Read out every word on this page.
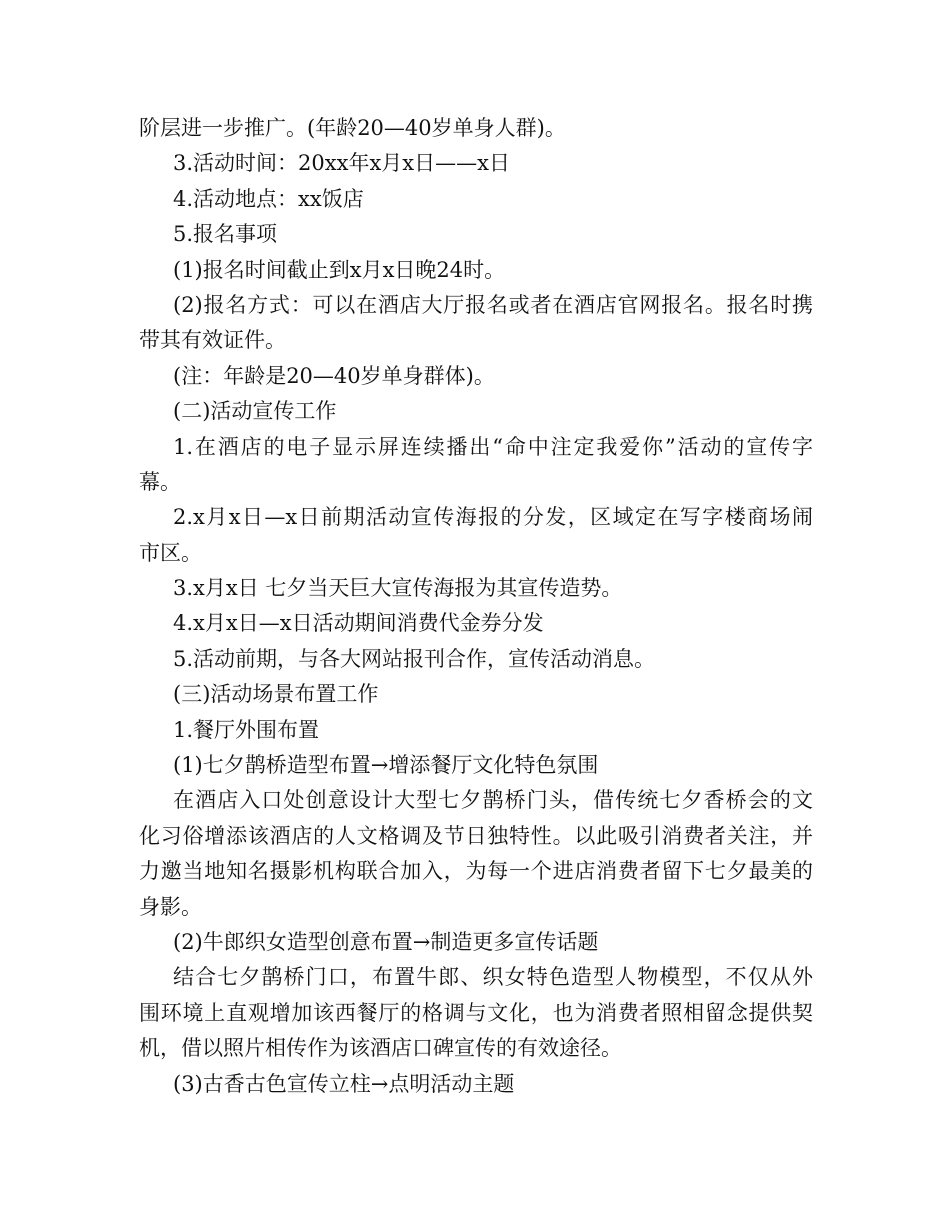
阶层进一步推广。(年龄20—40岁单身人群)。
3.活动时间：20xx年x月x日——x日
4.活动地点：xx饭店
5.报名事项
(1)报名时间截止到x月x日晚24时。
(2)报名方式：可以在酒店大厅报名或者在酒店官网报名。报名时携
带其有效证件。
(注：年龄是20—40岁单身群体)。
(二)活动宣传工作
1.在酒店的电子显示屏连续播出“命中注定我爱你”活动的宣传字
幕。
2.x月x日—x日前期活动宣传海报的分发，区域定在写字楼商场闹
市区。
3.x月x日 七夕当天巨大宣传海报为其宣传造势。
4.x月x日—x日活动期间消费代金券分发
5.活动前期，与各大网站报刊合作，宣传活动消息。
(三)活动场景布置工作
1.餐厅外围布置
(1)七夕鹊桥造型布置→增添餐厅文化特色氛围
在酒店入口处创意设计大型七夕鹊桥门头，借传统七夕香桥会的文
化习俗增添该酒店的人文格调及节日独特性。以此吸引消费者关注，并
力邀当地知名摄影机构联合加入，为每一个进店消费者留下七夕最美的
身影。
(2)牛郎织女造型创意布置→制造更多宣传话题
结合七夕鹊桥门口，布置牛郎、织女特色造型人物模型，不仅从外
围环境上直观增加该西餐厅的格调与文化，也为消费者照相留念提供契
机，借以照片相传作为该酒店口碑宣传的有效途径。
(3)古香古色宣传立柱→点明活动主题
